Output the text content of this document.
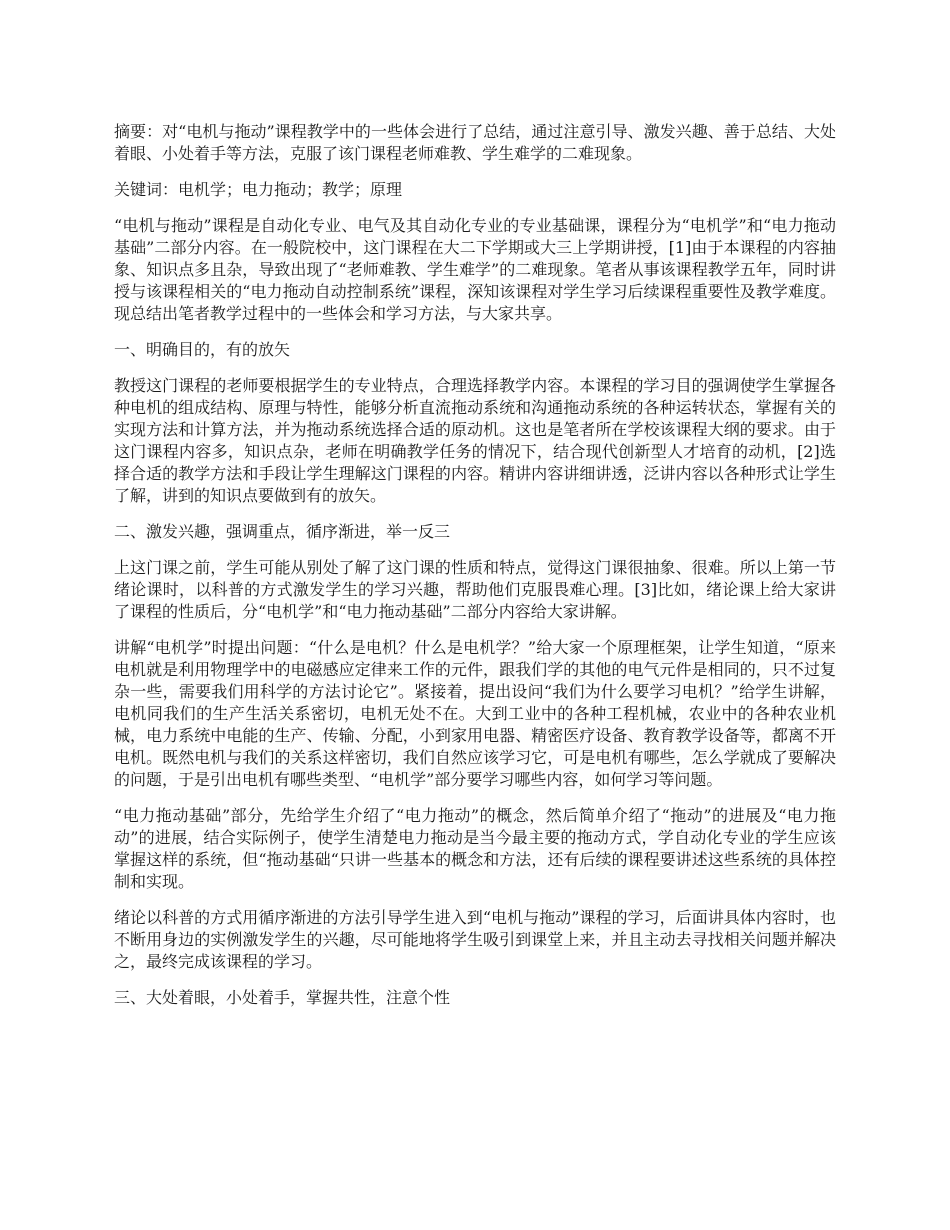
摘要：对“电机与拖动”课程教学中的一些体会进行了总结，通过注意引导、激发兴趣、善于总结、大处着眼、小处着手等方法，克服了该门课程老师难教、学生难学的二难现象。

关键词：电机学；电力拖动；教学；原理

“电机与拖动”课程是自动化专业、电气及其自动化专业的专业基础课，课程分为“电机学”和“电力拖动基础”二部分内容。在一般院校中，这门课程在大二下学期或大三上学期讲授，[1]由于本课程的内容抽象、知识点多且杂，导致出现了“老师难教、学生难学”的二难现象。笔者从事该课程教学五年，同时讲授与该课程相关的“电力拖动自动控制系统”课程，深知该课程对学生学习后续课程重要性及教学难度。现总结出笔者教学过程中的一些体会和学习方法，与大家共享。

一、明确目的，有的放矢

教授这门课程的老师要根据学生的专业特点，合理选择教学内容。本课程的学习目的强调使学生掌握各种电机的组成结构、原理与特性，能够分析直流拖动系统和沟通拖动系统的各种运转状态，掌握有关的实现方法和计算方法，并为拖动系统选择合适的原动机。这也是笔者所在学校该课程大纲的要求。由于这门课程内容多，知识点杂，老师在明确教学任务的情况下，结合现代创新型人才培育的动机，[2]选择合适的教学方法和手段让学生理解这门课程的内容。精讲内容讲细讲透，泛讲内容以各种形式让学生了解，讲到的知识点要做到有的放矢。

二、激发兴趣，强调重点，循序渐进，举一反三

上这门课之前，学生可能从别处了解了这门课的性质和特点，觉得这门课很抽象、很难。所以上第一节绪论课时，以科普的方式激发学生的学习兴趣，帮助他们克服畏难心理。[3]比如，绪论课上给大家讲了课程的性质后，分“电机学”和“电力拖动基础”二部分内容给大家讲解。

讲解“电机学”时提出问题：“什么是电机？什么是电机学？”给大家一个原理框架，让学生知道，“原来电机就是利用物理学中的电磁感应定律来工作的元件，跟我们学的其他的电气元件是相同的，只不过复杂一些，需要我们用科学的方法讨论它”。紧接着，提出设问“我们为什么要学习电机？”给学生讲解，电机同我们的生产生活关系密切，电机无处不在。大到工业中的各种工程机械，农业中的各种农业机械，电力系统中电能的生产、传输、分配，小到家用电器、精密医疗设备、教育教学设备等，都离不开电机。既然电机与我们的关系这样密切，我们自然应该学习它，可是电机有哪些，怎么学就成了要解决的问题，于是引出电机有哪些类型、“电机学”部分要学习哪些内容，如何学习等问题。

“电力拖动基础”部分，先给学生介绍了“电力拖动”的概念，然后简单介绍了“拖动”的进展及“电力拖动”的进展，结合实际例子，使学生清楚电力拖动是当今最主要的拖动方式，学自动化专业的学生应该掌握这样的系统，但“拖动基础“只讲一些基本的概念和方法，还有后续的课程要讲述这些系统的具体控制和实现。

绪论以科普的方式用循序渐进的方法引导学生进入到“电机与拖动”课程的学习，后面讲具体内容时，也不断用身边的实例激发学生的兴趣，尽可能地将学生吸引到课堂上来，并且主动去寻找相关问题并解决之，最终完成该课程的学习。

三、大处着眼，小处着手，掌握共性，注意个性
